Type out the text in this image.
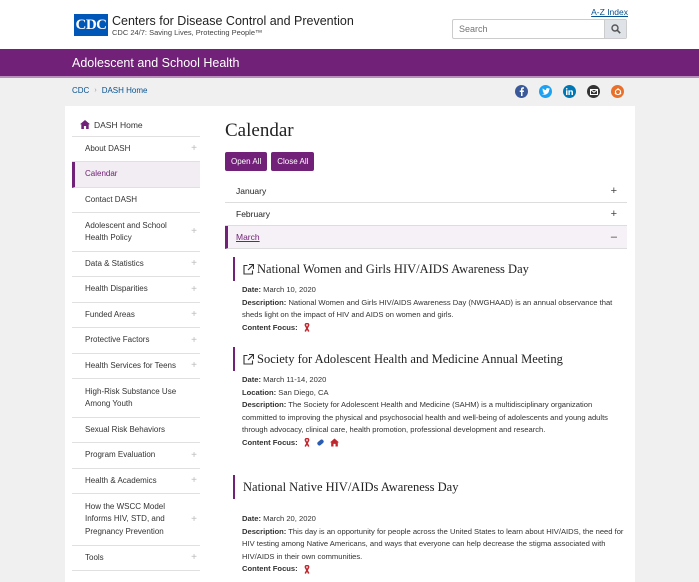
CDC Centers for Disease Control and Prevention
CDC 24/7: Saving Lives, Protecting People™
A-Z Index
Search
Adolescent and School Health
CDC › DASH Home
DASH Home
About DASH	+
Calendar
Contact DASH
Adolescent and School Health Policy
+
Data & Statistics	+
Health Disparities	+
Funded Areas	+
Protective Factors	+
Health Services for Teens +
High-Risk Substance Use Among Youth
Sexual Risk Behaviors
Program Evaluation	+
Health & Academics	+
How the WSCC Model Informs HIV, STD, and Pregnancy Prevention
+
Tools	+
Calendar
Open All	Close All
January	+
February	+
March	–
National Women and Girls HIV/AIDS Awareness Day
Date: March 10, 2020
Description: National Women and Girls HIV/AIDS Awareness Day (NWGHAAD) is an annual observance that sheds light on the impact of HIV and AIDS on women and girls.
Content Focus:
Society for Adolescent Health and Medicine Annual Meeting
Date: March 11-14, 2020
Location: San Diego, CA
Description: The Society for Adolescent Health and Medicine (SAHM) is a multidisciplinary organization committed to improving the physical and psychosocial health and well-being of adolescents and young adults through advocacy, clinical care, health promotion, professional development and research.
Content Focus:
National Native HIV/AIDs Awareness Day
Date: March 20, 2020
Description: This day is an opportunity for people across the United States to learn about HIV/AIDS, the need for HIV testing among Native Americans, and ways that everyone can help decrease the stigma associated with HIV/AIDS in their own communities.
Content Focus:
